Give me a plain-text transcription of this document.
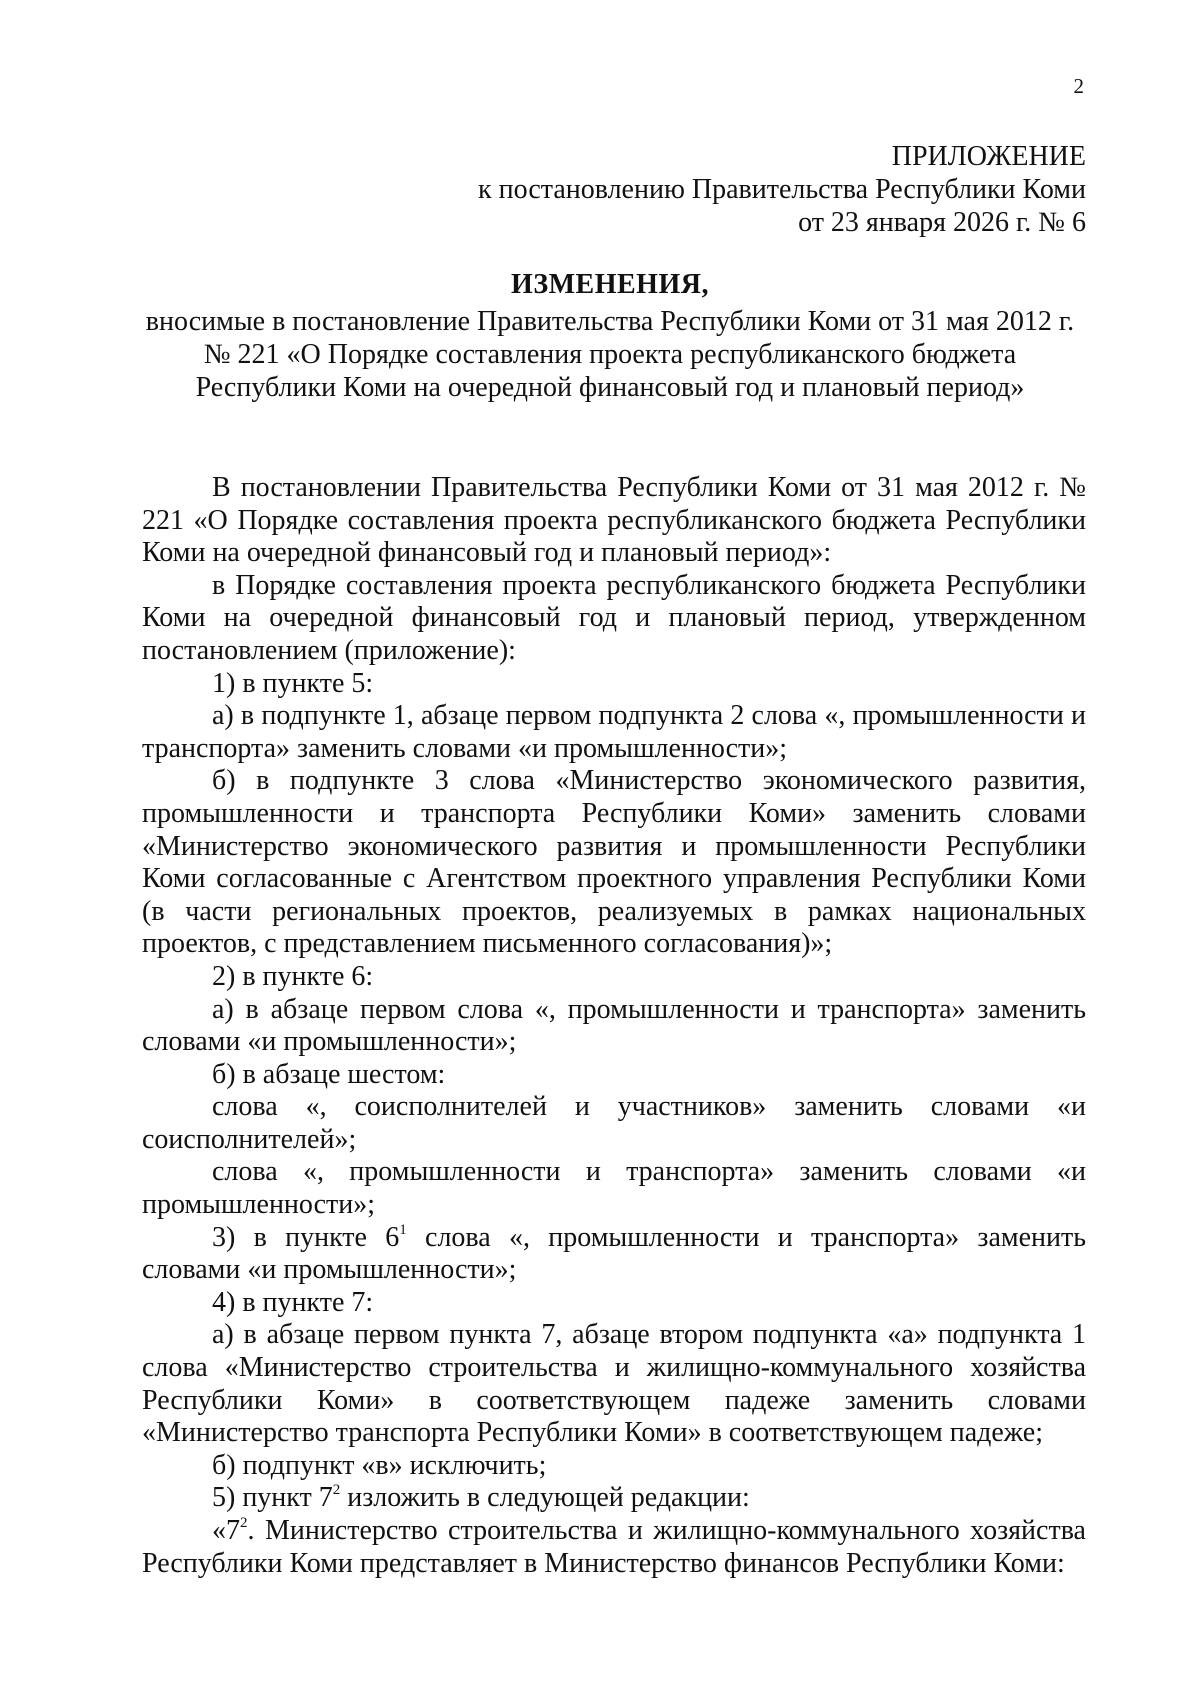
2
ПРИЛОЖЕНИЕ
к постановлению Правительства Республики Коми
от 23 января 2026 г. № 6
ИЗМЕНЕНИЯ,
вносимые в постановление Правительства Республики Коми от 31 мая 2012 г. № 221 «О Порядке составления проекта республиканского бюджета Республики Коми на очередной финансовый год и плановый период»

В постановлении Правительства Республики Коми от 31 мая 2012 г. № 221 «О Порядке составления проекта республиканского бюджета Республики Коми на очередной финансовый год и плановый период»:

в Порядке составления проекта республиканского бюджета Республики Коми на очередной финансовый год и плановый период, утвержденном постановлением (приложение):

1) в пункте 5:

а) в подпункте 1, абзаце первом подпункта 2 слова «, промышленности и транспорта» заменить словами «и промышленности»;

б) в подпункте 3 слова «Министерство экономического развития, промышленности и транспорта Республики Коми» заменить словами «Министерство экономического развития и промышленности Республики Коми согласованные с Агентством проектного управления Республики Коми (в части региональных проектов, реализуемых в рамках национальных проектов, с представлением письменного согласования)»;

2) в пункте 6:

а) в абзаце первом слова «, промышленности и транспорта» заменить словами «и промышленности»;

б) в абзаце шестом:

слова «, соисполнителей и участников» заменить словами «и соисполнителей»;

слова «, промышленности и транспорта» заменить словами «и промышленности»;

3) в пункте $6^1$ слова «, промышленности и транспорта» заменить словами «и промышленности»;

4) в пункте 7:

а) в абзаце первом пункта 7, абзаце втором подпункта «а» подпункта 1 слова «Министерство строительства и жилищно-коммунального хозяйства Республики Коми» в соответствующем падеже заменить словами «Министерство транспорта Республики Коми» в соответствующем падеже;

б) подпункт «в» исключить;

5) пункт $7^2$ изложить в следующей редакции:

«$7^2$. Министерство строительства и жилищно-коммунального хозяйства Республики Коми представляет в Министерство финансов Республики Коми:
